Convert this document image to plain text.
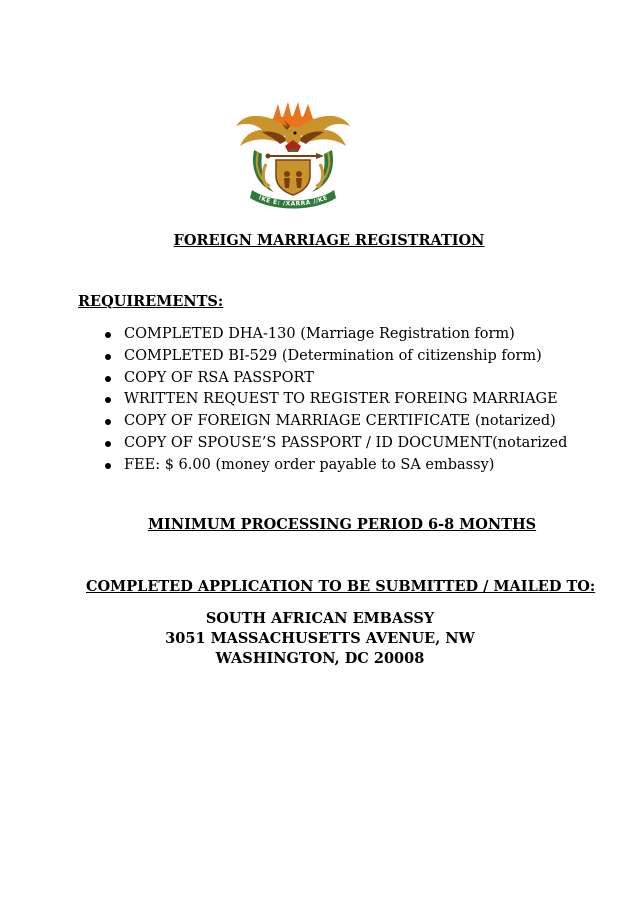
!KE E: /XARRA //KE
FOREIGN MARRIAGE REGISTRATION
REQUIREMENTS:
COMPLETED DHA-130 (Marriage Registration form)
COMPLETED BI-529 (Determination of citizenship form)
COPY OF RSA PASSPORT
WRITTEN REQUEST TO REGISTER FOREING MARRIAGE
COPY OF FOREIGN MARRIAGE CERTIFICATE (notarized)
COPY OF SPOUSE’S PASSPORT / ID DOCUMENT(notarized
FEE: $ 6.00 (money order payable to SA embassy)
MINIMUM PROCESSING PERIOD 6-8 MONTHS
COMPLETED APPLICATION TO BE SUBMITTED / MAILED TO:
SOUTH AFRICAN EMBASSY
3051 MASSACHUSETTS AVENUE, NW
WASHINGTON, DC 20008
